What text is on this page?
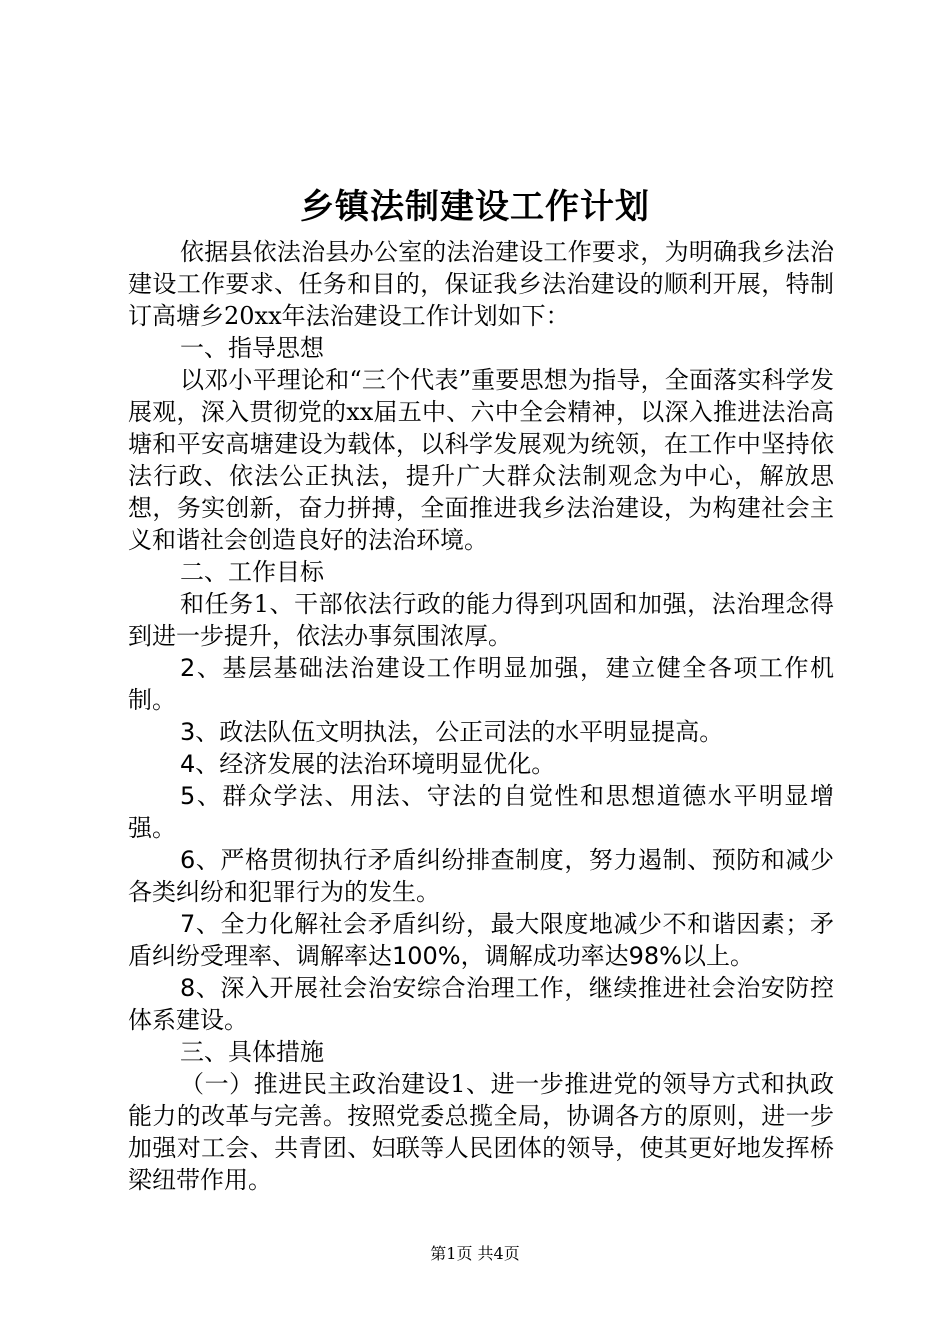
乡镇法制建设工作计划

依据县依法治县办公室的法治建设工作要求，为明确我乡法治建设工作要求、任务和目的，保证我乡法治建设的顺利开展，特制订高塘乡20xx年法治建设工作计划如下：

一、指导思想

以邓小平理论和“三个代表”重要思想为指导，全面落实科学发展观，深入贯彻党的xx届五中、六中全会精神，以深入推进法治高塘和平安高塘建设为载体，以科学发展观为统领，在工作中坚持依法行政、依法公正执法，提升广大群众法制观念为中心，解放思想，务实创新，奋力拼搏，全面推进我乡法治建设，为构建社会主义和谐社会创造良好的法治环境。

二、工作目标

和任务1、干部依法行政的能力得到巩固和加强，法治理念得到进一步提升，依法办事氛围浓厚。

2、基层基础法治建设工作明显加强，建立健全各项工作机制。

3、政法队伍文明执法，公正司法的水平明显提高。

4、经济发展的法治环境明显优化。

5、群众学法、用法、守法的自觉性和思想道德水平明显增强。

6、严格贯彻执行矛盾纠纷排查制度，努力遏制、预防和减少各类纠纷和犯罪行为的发生。

7、全力化解社会矛盾纠纷，最大限度地减少不和谐因素；矛盾纠纷受理率、调解率达100%，调解成功率达98%以上。

8、深入开展社会治安综合治理工作，继续推进社会治安防控体系建设。

三、具体措施

（一）推进民主政治建设1、进一步推进党的领导方式和执政能力的改革与完善。按照党委总揽全局，协调各方的原则，进一步加强对工会、共青团、妇联等人民团体的领导，使其更好地发挥桥梁纽带作用。

第1页 共4页
